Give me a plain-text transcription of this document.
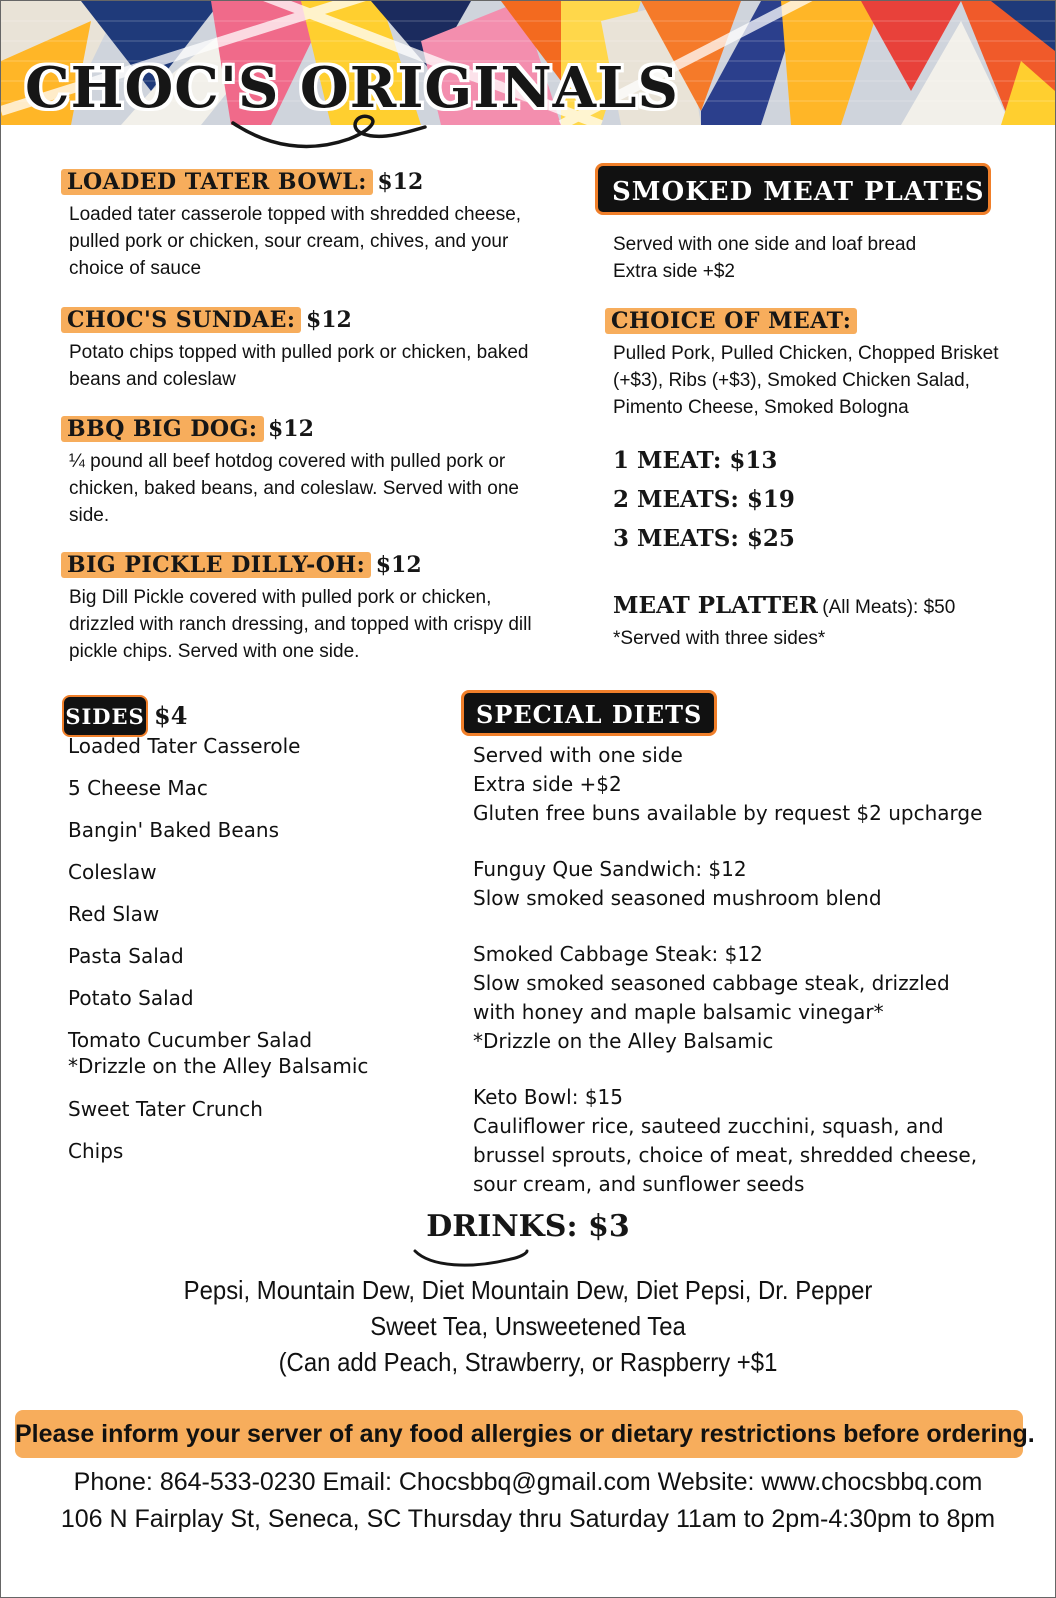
CHOC'S ORIGINALS
LOADED TATER BOWL: $12
Loaded tater casserole topped with shredded cheese,
pulled pork or chicken, sour cream, chives, and your
choice of sauce
CHOC'S SUNDAE: $12
Potato chips topped with pulled pork or chicken, baked
beans and coleslaw
BBQ BIG DOG: $12
¼ pound all beef hotdog covered with pulled pork or
chicken, baked beans, and coleslaw. Served with one
side.
BIG PICKLE DILLY-OH: $12
Big Dill Pickle covered with pulled pork or chicken,
drizzled with ranch dressing, and topped with crispy dill
pickle chips. Served with one side.
SMOKED MEAT PLATES
Served with one side and loaf bread
Extra side +$2
CHOICE OF MEAT:
Pulled Pork, Pulled Chicken, Chopped Brisket
(+$3), Ribs (+$3), Smoked Chicken Salad,
Pimento Cheese, Smoked Bologna
1 MEAT: $13
2 MEATS: $19
3 MEATS: $25
MEAT PLATTER (All Meats): $50
*Served with three sides*
SIDES $4
Loaded Tater Casserole
5 Cheese Mac
Bangin' Baked Beans
Coleslaw
Red Slaw
Pasta Salad
Potato Salad
Tomato Cucumber Salad
*Drizzle on the Alley Balsamic
Sweet Tater Crunch
Chips
SPECIAL DIETS
Served with one side
Extra side +$2
Gluten free buns available by request $2 upcharge
Funguy Que Sandwich: $12
Slow smoked seasoned mushroom blend
Smoked Cabbage Steak: $12
Slow smoked seasoned cabbage steak, drizzled
with honey and maple balsamic vinegar*
*Drizzle on the Alley Balsamic
Keto Bowl: $15
Cauliflower rice, sauteed zucchini, squash, and
brussel sprouts, choice of meat, shredded cheese,
sour cream, and sunflower seeds
DRINKS: $3
Pepsi, Mountain Dew, Diet Mountain Dew, Diet Pepsi, Dr. Pepper
Sweet Tea, Unsweetened Tea
(Can add Peach, Strawberry, or Raspberry +$1
Please inform your server of any food allergies or dietary restrictions before ordering.
Phone: 864-533-0230 Email: Chocsbbq@gmail.com Website: www.chocsbbq.com
106 N Fairplay St, Seneca, SC Thursday thru Saturday 11am to 2pm-4:30pm to 8pm
